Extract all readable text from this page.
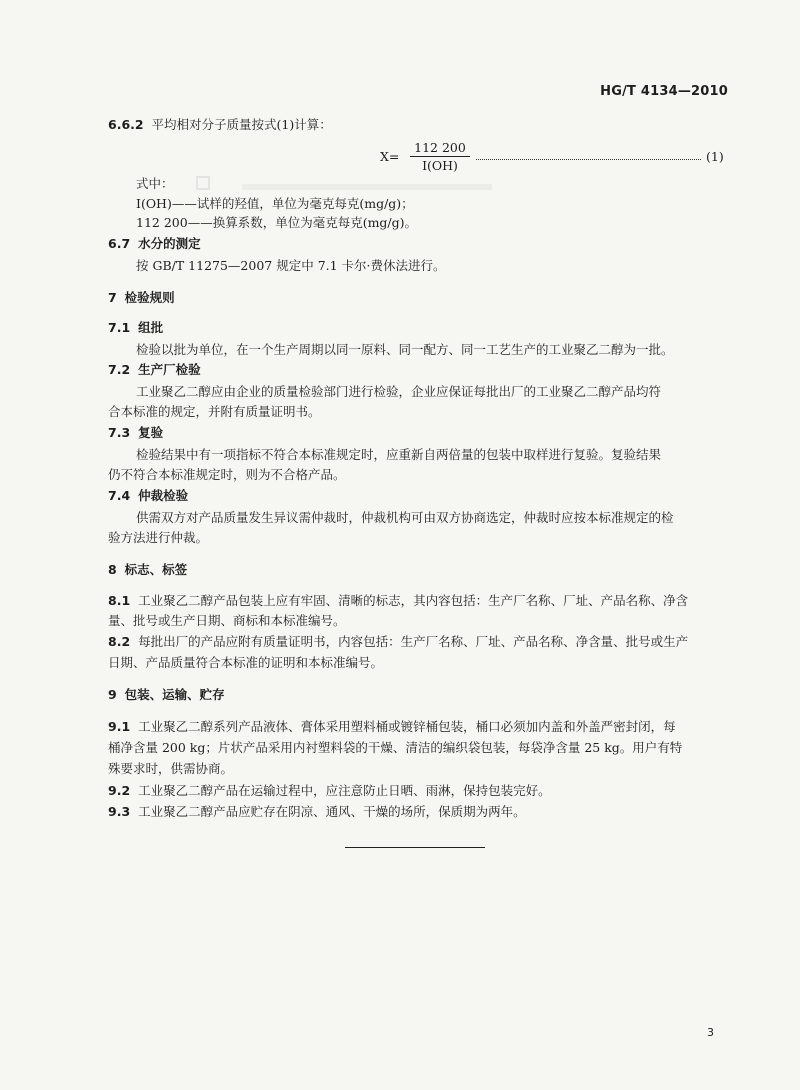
HG/T 4134—2010

6.6.2 平均相对分子质量按式(1)计算：
$X= \frac{112 200}{I(OH)}$	(1)
式中：
I(OH)——试样的羟值，单位为毫克每克(mg/g)；
112 200——换算系数，单位为毫克每克(mg/g)。
6.7 水分的测定
按 GB/T 11275—2007 规定中 7.1 卡尔·费休法进行。
7 检验规则
7.1 组批
检验以批为单位，在一个生产周期以同一原料、同一配方、同一工艺生产的工业聚乙二醇为一批。
7.2 生产厂检验
工业聚乙二醇应由企业的质量检验部门进行检验，企业应保证每批出厂的工业聚乙二醇产品均符
合本标准的规定，并附有质量证明书。
7.3 复验
检验结果中有一项指标不符合本标准规定时，应重新自两倍量的包装中取样进行复验。复验结果
仍不符合本标准规定时，则为不合格产品。
7.4 仲裁检验
供需双方对产品质量发生异议需仲裁时，仲裁机构可由双方协商选定，仲裁时应按本标准规定的检
验方法进行仲裁。
8 标志、标签
8.1 工业聚乙二醇产品包装上应有牢固、清晰的标志，其内容包括：生产厂名称、厂址、产品名称、净含
量、批号或生产日期、商标和本标准编号。
8.2 每批出厂的产品应附有质量证明书，内容包括：生产厂名称、厂址、产品名称、净含量、批号或生产
日期、产品质量符合本标准的证明和本标准编号。
9 包装、运输、贮存
9.1 工业聚乙二醇系列产品液体、膏体采用塑料桶或镀锌桶包装，桶口必须加内盖和外盖严密封闭，每
桶净含量 200 kg；片状产品采用内衬塑料袋的干燥、清洁的编织袋包装，每袋净含量 25 kg。用户有特
殊要求时，供需协商。
9.2 工业聚乙二醇产品在运输过程中，应注意防止日晒、雨淋，保持包装完好。
9.3 工业聚乙二醇产品应贮存在阴凉、通风、干燥的场所，保质期为两年。
3
